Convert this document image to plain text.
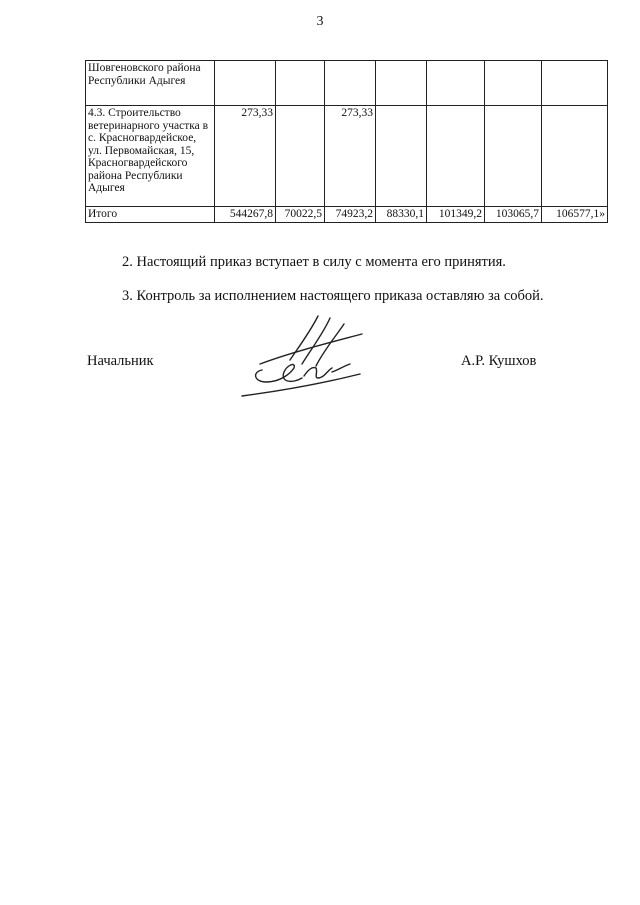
3
Шовгеновского района Республики Адыгея							
4.3. Строительство ветеринарного участка в с. Красногвардейское, ул. Первомайская, 15, Красногвардейского района Республики Адыгея	273,33		273,33				
Итого	544267,8	70022,5	74923,2	88330,1	101349,2	103065,7	106577,1»
2. Настоящий приказ вступает в силу с момента его принятия.
3. Контроль за исполнением настоящего приказа оставляю за собой.
Начальник	А.Р. Кушхов
